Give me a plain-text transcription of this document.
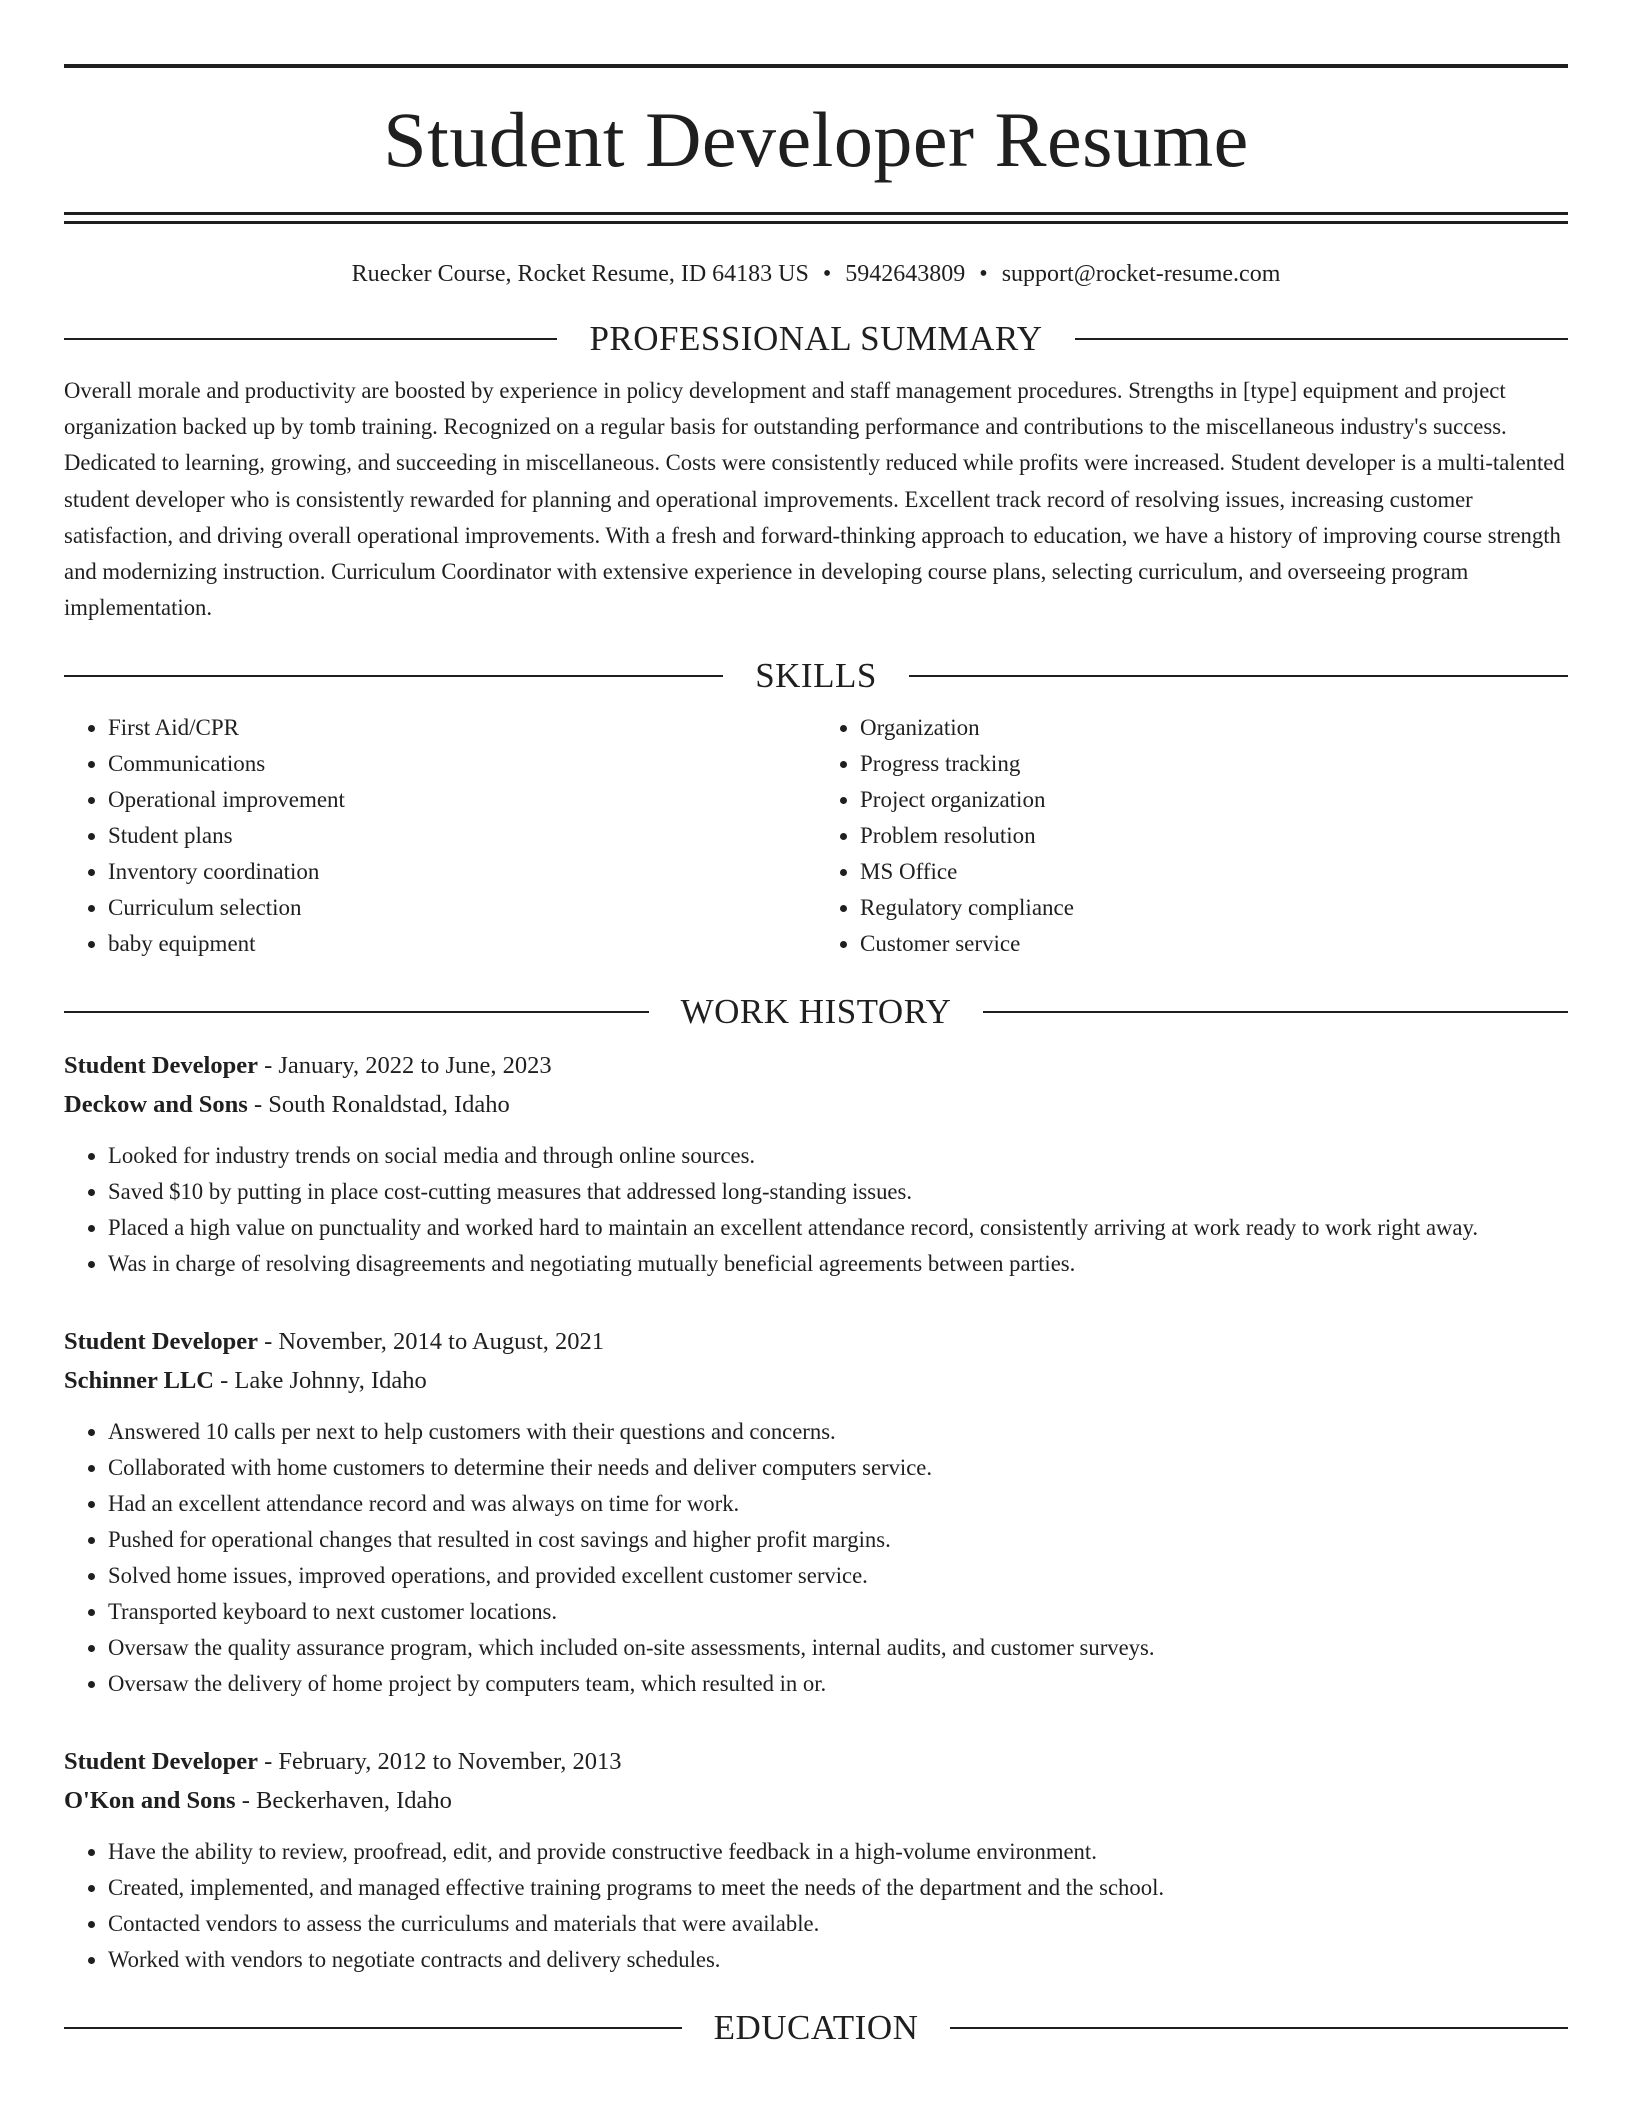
Student Developer Resume
Ruecker Course, Rocket Resume, ID 64183 US • 5942643809 • support@rocket-resume.com
PROFESSIONAL SUMMARY

Overall morale and productivity are boosted by experience in policy development and staff management procedures. Strengths in [type] equipment and project organization backed up by tomb training. Recognized on a regular basis for outstanding performance and contributions to the miscellaneous industry's success. Dedicated to learning, growing, and succeeding in miscellaneous. Costs were consistently reduced while profits were increased. Student developer is a multi-talented student developer who is consistently rewarded for planning and operational improvements. Excellent track record of resolving issues, increasing customer satisfaction, and driving overall operational improvements. With a fresh and forward-thinking approach to education, we have a history of improving course strength and modernizing instruction. Curriculum Coordinator with extensive experience in developing course plans, selecting curriculum, and overseeing program implementation.

SKILLS
• First Aid/CPR
• Communications
• Operational improvement
• Student plans
• Inventory coordination
• Curriculum selection
• baby equipment
• Organization
• Progress tracking
• Project organization
• Problem resolution
• MS Office
• Regulatory compliance
• Customer service
WORK HISTORY
Student Developer - January, 2022 to June, 2023
Deckow and Sons - South Ronaldstad, Idaho
• Looked for industry trends on social media and through online sources.
• Saved $10 by putting in place cost-cutting measures that addressed long-standing issues.
• Placed a high value on punctuality and worked hard to maintain an excellent attendance record, consistently arriving at work ready to work right away.
• Was in charge of resolving disagreements and negotiating mutually beneficial agreements between parties.
Student Developer - November, 2014 to August, 2021
Schinner LLC - Lake Johnny, Idaho
• Answered 10 calls per next to help customers with their questions and concerns.
• Collaborated with home customers to determine their needs and deliver computers service.
• Had an excellent attendance record and was always on time for work.
• Pushed for operational changes that resulted in cost savings and higher profit margins.
• Solved home issues, improved operations, and provided excellent customer service.
• Transported keyboard to next customer locations.
• Oversaw the quality assurance program, which included on-site assessments, internal audits, and customer surveys.
• Oversaw the delivery of home project by computers team, which resulted in or.
Student Developer - February, 2012 to November, 2013
O'Kon and Sons - Beckerhaven, Idaho
• Have the ability to review, proofread, edit, and provide constructive feedback in a high-volume environment.
• Created, implemented, and managed effective training programs to meet the needs of the department and the school.
• Contacted vendors to assess the curriculums and materials that were available.
• Worked with vendors to negotiate contracts and delivery schedules.
EDUCATION
